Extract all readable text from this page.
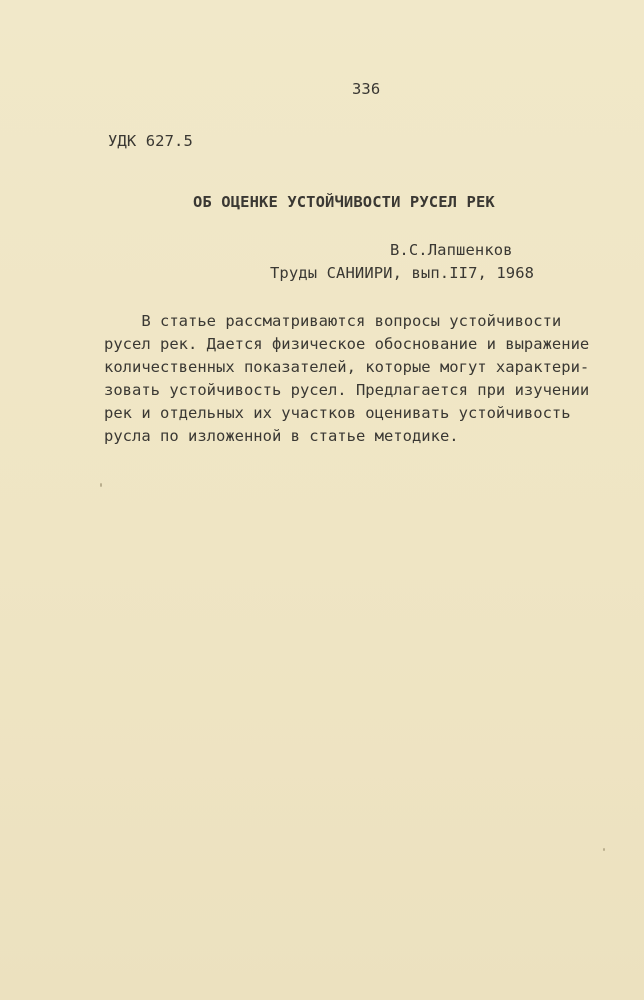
336
УДК 627.5
ОБ ОЦЕНКЕ УСТОЙЧИВОСТИ РУСЕЛ РЕК
В.С.Лапшенков
Труды САНИИРИ, вып.II7, 1968
В статье рассматриваются вопросы устойчивости
русел рек. Дается физическое обоснование и выражение
количественных показателей, которые могут характери-
зовать устойчивость русел. Предлагается при изучении
рек и отдельных их участков оценивать устойчивость
русла по изложенной в статье методике.
